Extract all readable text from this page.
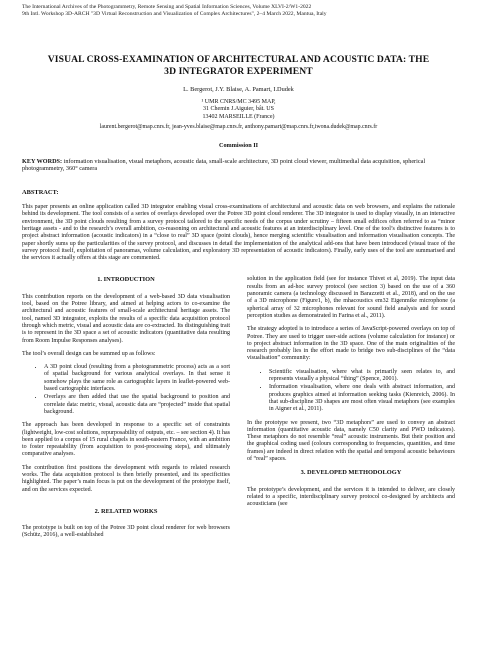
The International Archives of the Photogrammetry, Remote Sensing and Spatial Information Sciences, Volume XLVI-2/W1-2022
9th Intl. Workshop 3D-ARCH "3D Virtual Reconstruction and Visualization of Complex Architectures", 2–4 March 2022, Mantua, Italy
VISUAL CROSS-EXAMINATION OF ARCHITECTURAL AND ACOUSTIC DATA: THE
3D INTEGRATOR EXPERIMENT
L. Bergerot, J.Y. Blaise, A. Pamart, I.Dudek
¹ UMR CNRS/MC 3495 MAP,
31 Chemin J.Aiguier, bât. US
13402 MARSEILLE (France)
laurent.bergerot@map.cnrs.fr, jean-yves.blaise@map.cnrs.fr, anthony.pamart@map.cnrs.fr,iwona.dudek@map.cnrs.fr
Commission II
KEY WORDS: information visualisation, visual metaphors, acoustic data, small-scale architecture, 3D point cloud viewer, multimedial data acquisition, spherical photogrammetry, 360° camera
ABSTRACT:

This paper presents an online application called 3D integrator enabling visual cross-examinations of architectural and acoustic data on web browsers, and explains the rationale behind its development. The tool consists of a series of overlays developed over the Potree 3D point cloud renderer. The 3D integrator is used to display visually, in an interactive environment, the 3D point clouds resulting from a survey protocol tailored to the specific needs of the corpus under scrutiny – fifteen small edifices often referred to as “minor heritage assets - and to the research’s overall ambition, co-reasoning on architectural and acoustic features at an interdisciplinary level. One of the tool’s distinctive features is to project abstract information (acoustic indicators) in a “close to real” 3D space (point clouds), hence merging scientific visualisation and information visualisation concepts. The paper shortly sums up the particularities of the survey protocol, and discusses in detail the implementation of the analytical add-ons that have been introduced (visual trace of the survey protocol itself, exploitation of panoramas, volume calculation, and exploratory 3D representation of acoustic indicators). Finally, early uses of the tool are summarised and the services it actually offers at this stage are commented.

1. INTRODUCTION

This contribution reports on the development of a web-based 3D data visualisation tool, based on the Potree library, and aimed at helping actors to co-examine the architectural and acoustic features of small-scale architectural heritage assets. The tool, named 3D integrator, exploits the results of a specific data acquisition protocol through which metric, visual and acoustic data are co-extracted. Its distinguishing trait is to represent in the 3D space a set of acoustic indicators (quantitative data resulting from Room Impulse Responses analyses).

The tool’s overall design can be summed up as follows:

• A 3D point cloud (resulting from a photogrammetric process) acts as a sort of spatial background for various analytical overlays. In that sense it somehow plays the same role as cartographic layers in leaflet-powered web-based cartographic interfaces.
• Overlays are then added that use the spatial background to position and correlate data: metric, visual, acoustic data are “projected” inside that spatial background.

The approach has been developed in response to a specific set of constraints (lightweight, low-cost solutions, repurposability of outputs, etc. – see section 4). It has been applied to a corpus of 15 rural chapels in south-eastern France, with an ambition to foster repeatability (from acquisition to post-processing steps), and ultimately comparative analyses.

The contribution first positions the development with regards to related research works. The data acquisition protocol is then briefly presented, and its specificities highlighted. The paper’s main focus is put on the development of the prototype itself, and on the services expected.

2. RELATED WORKS

The prototype is built on top of the Potree 3D point cloud renderer for web browsers (Schütz, 2016), a well-established

solution in the application field (see for instance Thivet et al, 2019). The input data results from an ad-hoc survey protocol (see section 3) based on the use of a 360 panoramic camera (a technology discussed in Barazzetti et al., 2018), and on the use of a 3D microphone (Figure1, b), the mhacoustics em32 Eigenmike microphone (a spherical array of 32 microphones relevant for sound field analysis and for sound perception studies as demonstrated in Farina et al., 2011).

The strategy adopted is to introduce a series of JavaScript-powered overlays on top of Potree. They are used to trigger user-side actions (volume calculation for instance) or to project abstract information in the 3D space. One of the main originalities of the research probably lies in the effort made to bridge two sub-disciplines of the “data visualisation” community:

• Scientific visualisation, where what is primarily seen relates to, and represents visually a physical “thing” (Spence, 2001).
• Information visualisation, where one deals with abstract information, and produces graphics aimed at information seeking tasks (Kienreich, 2006). In that sub-discipline 3D shapes are most often visual metaphors (see examples in Aigner et al., 2011).

In the prototype we present, two “3D metaphors” are used to convey an abstract information (quantitative acoustic data, namely C50 clarity and PWD indicators). These metaphors do not resemble “real” acoustic instruments. But their position and the graphical coding used (colours corresponding to frequencies, quantities, and time frames) are indeed in direct relation with the spatial and temporal acoustic behaviours of “real” spaces.

3. DEVELOPED METHODOLOGY

The prototype’s development, and the services it is intended to deliver, are closely related to a specific, interdisciplinary survey protocol co-designed by architects and acousticians (see
